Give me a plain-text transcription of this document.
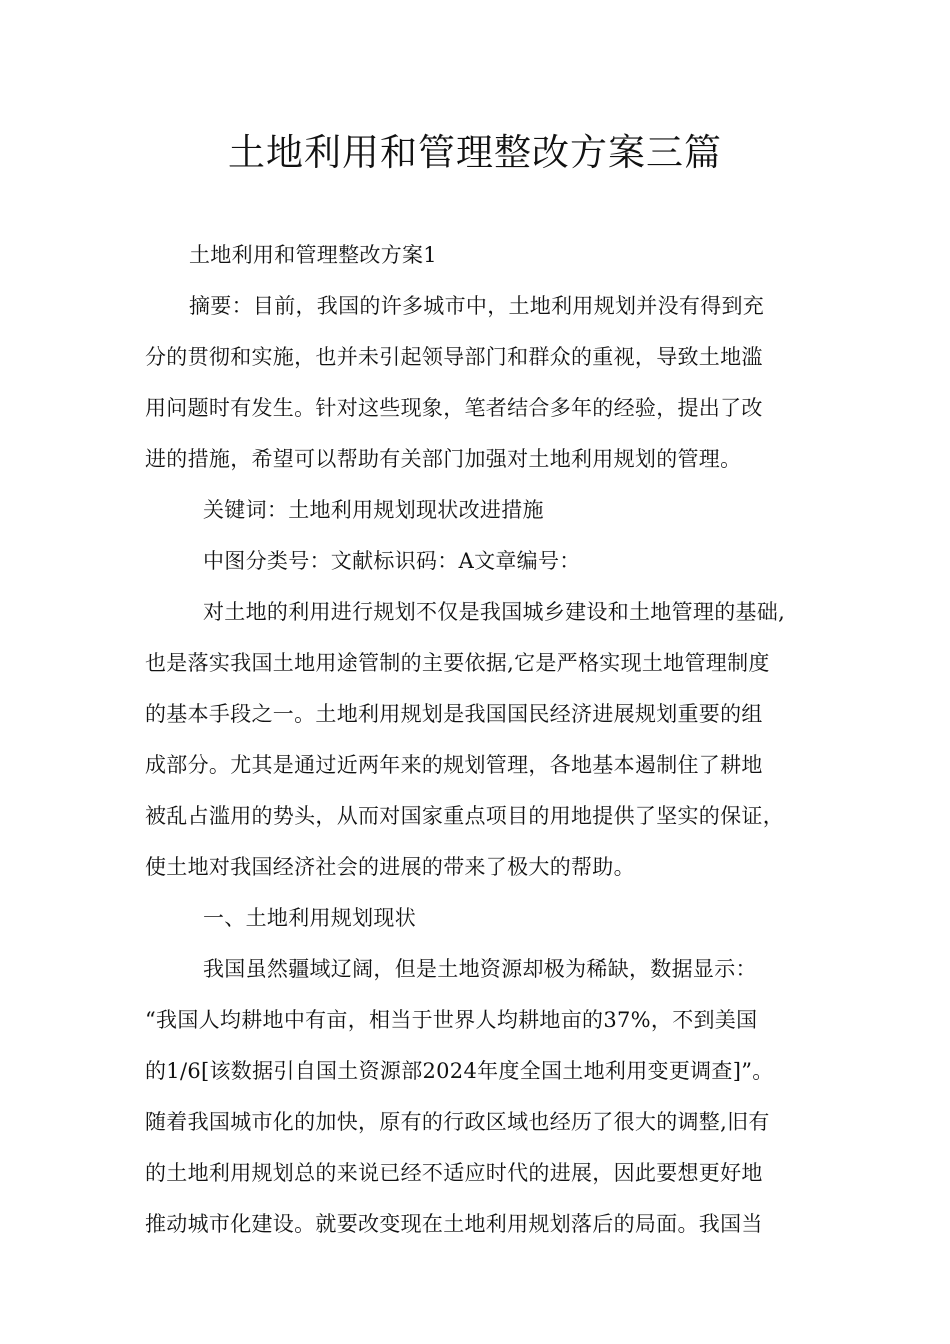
土地利用和管理整改方案三篇
土地利用和管理整改方案1
摘要：目前，我国的许多城市中，土地利用规划并没有得到充
分的贯彻和实施，也并未引起领导部门和群众的重视，导致土地滥
用问题时有发生。针对这些现象，笔者结合多年的经验，提出了改
进的措施，希望可以帮助有关部门加强对土地利用规划的管理。
关键词：土地利用规划现状改进措施
中图分类号：文献标识码：A文章编号：
对土地的利用进行规划不仅是我国城乡建设和土地管理的基础,
也是落实我国土地用途管制的主要依据,它是严格实现土地管理制度
的基本手段之一。土地利用规划是我国国民经济进展规划重要的组
成部分。尤其是通过近两年来的规划管理，各地基本遏制住了耕地
被乱占滥用的势头，从而对国家重点项目的用地提供了坚实的保证，
使土地对我国经济社会的进展的带来了极大的帮助。
一、土地利用规划现状
我国虽然疆域辽阔，但是土地资源却极为稀缺，数据显示：
“我国人均耕地中有亩，相当于世界人均耕地亩的37%，不到美国
的1/6[该数据引自国土资源部2024年度全国土地利用变更调查]”。
随着我国城市化的加快，原有的行政区域也经历了很大的调整,旧有
的土地利用规划总的来说已经不适应时代的进展，因此要想更好地
推动城市化建设。就要改变现在土地利用规划落后的局面。我国当
